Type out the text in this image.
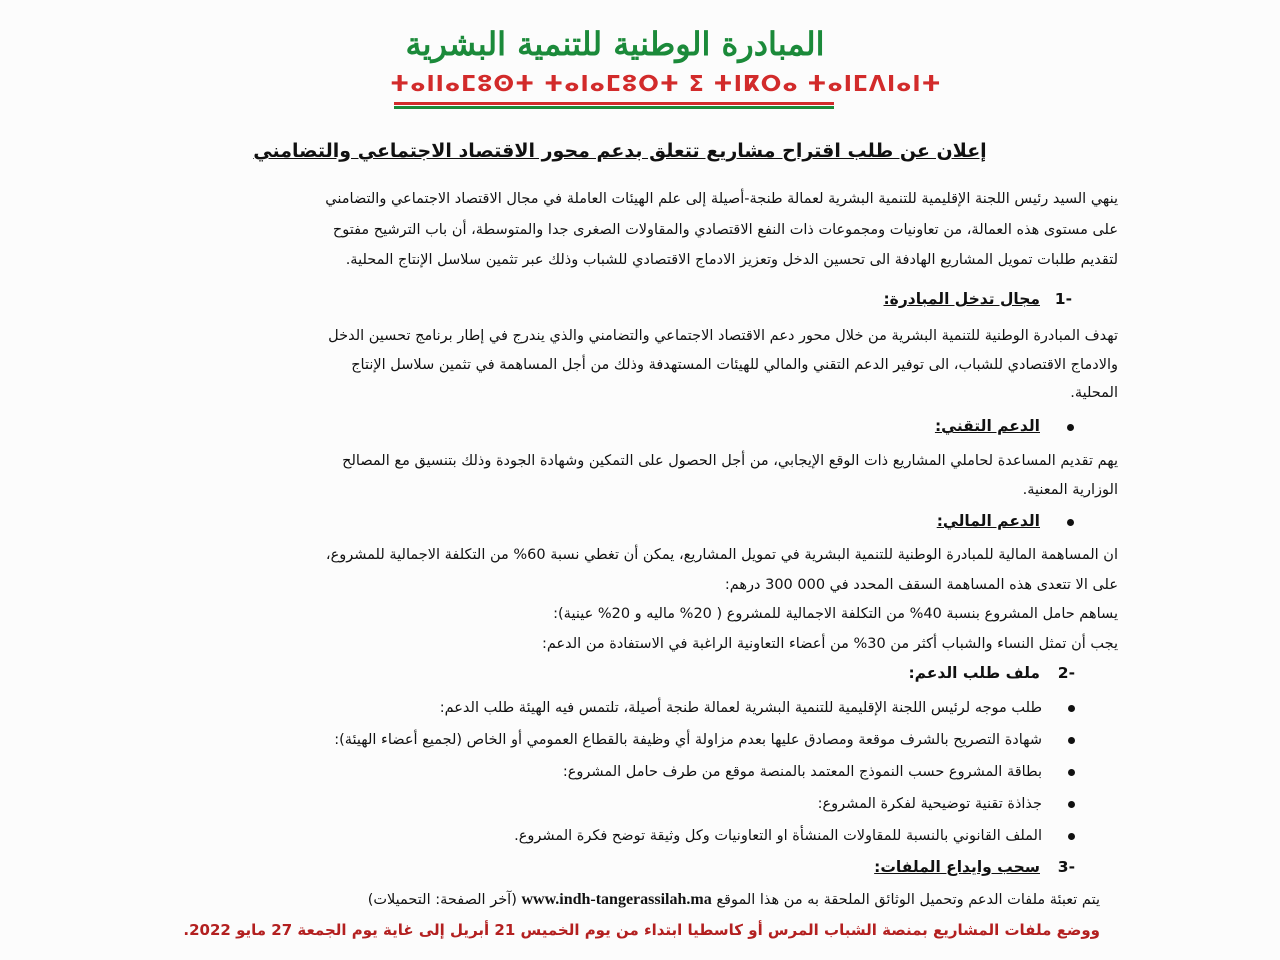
المبادرة الوطنية للتنمية البشرية
ⵜⴰⵏⵏⴰⵎⵓⵙⵜ ⵜⴰⵏⴰⵎⵓⵔⵜ ⵉ ⵜⵏⴽⵔⴰ ⵜⴰⵏⵎⴷⵏⴰⵏⵜ
إعلان عن طلب اقتراح مشاريع تتعلق بدعم محور الاقتصاد الاجتماعي والتضامني
ينهي السيد رئيس اللجنة الإقليمية للتنمية البشرية لعمالة طنجة-أصيلة إلى علم الهيئات العاملة في مجال الاقتصاد الاجتماعي والتضامني
على مستوى هذه العمالة، من تعاونيات ومجموعات ذات النفع الاقتصادي والمقاولات الصغرى جدا والمتوسطة، أن باب الترشيح مفتوح
لتقديم طلبات تمويل المشاريع الهادفة الى تحسين الدخل وتعزيز الادماج الاقتصادي للشباب وذلك عبر تثمين سلاسل الإنتاج المحلية.
-1
مجال تدخل المبادرة:
تهدف المبادرة الوطنية للتنمية البشرية من خلال محور دعم الاقتصاد الاجتماعي والتضامني والذي يندرج في إطار برنامج تحسين الدخل
والادماج الاقتصادي للشباب، الى توفير الدعم التقني والمالي للهيئات المستهدفة وذلك من أجل المساهمة في تثمين سلاسل الإنتاج
المحلية.
الدعم التقني:
يهم تقديم المساعدة لحاملي المشاريع ذات الوقع الإيجابي، من أجل الحصول على التمكين وشهادة الجودة وذلك بتنسيق مع المصالح
الوزارية المعنية.
الدعم المالي:
ان المساهمة المالية للمبادرة الوطنية للتنمية البشرية في تمويل المشاريع، يمكن أن تغطي نسبة 60% من التكلفة الاجمالية للمشروع،
على الا تتعدى هذه المساهمة السقف المحدد في 000 300 درهم:
يساهم حامل المشروع بنسبة 40% من التكلفة الاجمالية للمشروع ( 20% ماليه و 20% عينية):
يجب أن تمثل النساء والشباب أكثر من 30% من أعضاء التعاونية الراغبة في الاستفادة من الدعم:
-2
ملف طلب الدعم:
طلب موجه لرئيس اللجنة الإقليمية للتنمية البشرية لعمالة طنجة أصيلة، تلتمس فيه الهيئة طلب الدعم:
شهادة التصريح بالشرف موقعة ومصادق عليها بعدم مزاولة أي وظيفة بالقطاع العمومي أو الخاص (لجميع أعضاء الهيئة):
بطاقة المشروع حسب النموذج المعتمد بالمنصة موقع من طرف حامل المشروع:
جذاذة تقنية توضيحية لفكرة المشروع:
الملف القانوني بالنسبة للمقاولات المنشأة او التعاونيات وكل وثيقة توضح فكرة المشروع.
-3
سحب وايداع الملفات:
يتم تعبئة ملفات الدعم وتحميل الوثائق الملحقة به من هذا الموقع www.indh-tangerassilah.ma (آخر الصفحة: التحميلات)
ووضع ملفات المشاريع بمنصة الشباب المرس أو كاسطيا ابتداء من يوم الخميس 21 أبريل إلى غاية يوم الجمعة 27 مايو 2022.
